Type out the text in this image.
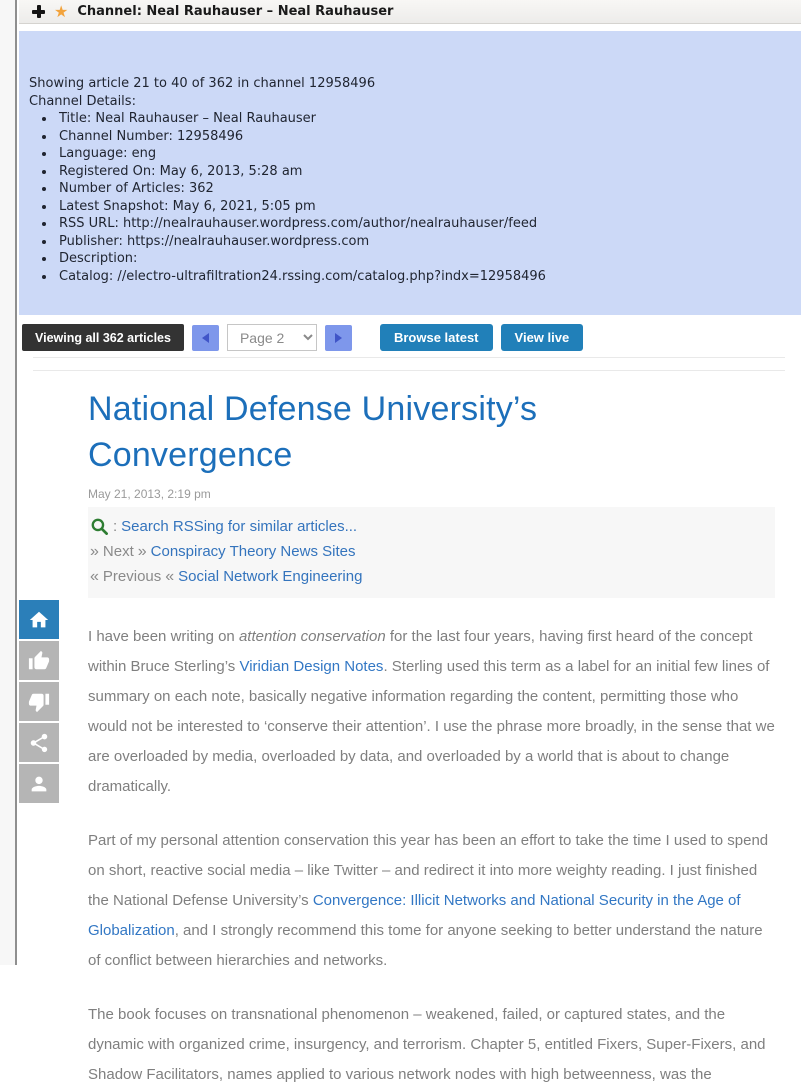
★ Channel: Neal Rauhauser – Neal Rauhauser
Showing article 21 to 40 of 362 in channel 12958496
Channel Details:
• Title: Neal Rauhauser – Neal Rauhauser
• Channel Number: 12958496
• Language: eng
• Registered On: May 6, 2013, 5:28 am
• Number of Articles: 362
• Latest Snapshot: May 6, 2021, 5:05 pm
• RSS URL: http://nealrauhauser.wordpress.com/author/nealrauhauser/feed
• Publisher: https://nealrauhauser.wordpress.com
• Description:
• Catalog: //electro-ultrafiltration24.rssing.com/catalog.php?indx=12958496
Viewing all 362 articles
Page 2	Browse latest	View live
National Defense University’s Convergence
May 21, 2013, 2:19 pm
: Search RSSing for similar articles...
» Next » Conspiracy Theory News Sites
« Previous « Social Network Engineering

I have been writing on attention conservation for the last four years, having first heard of the concept within Bruce Sterling’s Viridian Design Notes. Sterling used this term as a label for an initial few lines of summary on each note, basically negative information regarding the content, permitting those who would not be interested to ‘conserve their attention’. I use the phrase more broadly, in the sense that we are overloaded by media, overloaded by data, and overloaded by a world that is about to change dramatically.

Part of my personal attention conservation this year has been an effort to take the time I used to spend on short, reactive social media – like Twitter – and redirect it into more weighty reading. I just finished the National Defense University’s Convergence: Illicit Networks and National Security in the Age of Globalization, and I strongly recommend this tome for anyone seeking to better understand the nature of conflict between hierarchies and networks.

The book focuses on transnational phenomenon – weakened, failed, or captured states, and the dynamic with organized crime, insurgency, and terrorism. Chapter 5, entitled Fixers, Super-Fixers, and Shadow Facilitators, names applied to various network nodes with high betweenness, was the
